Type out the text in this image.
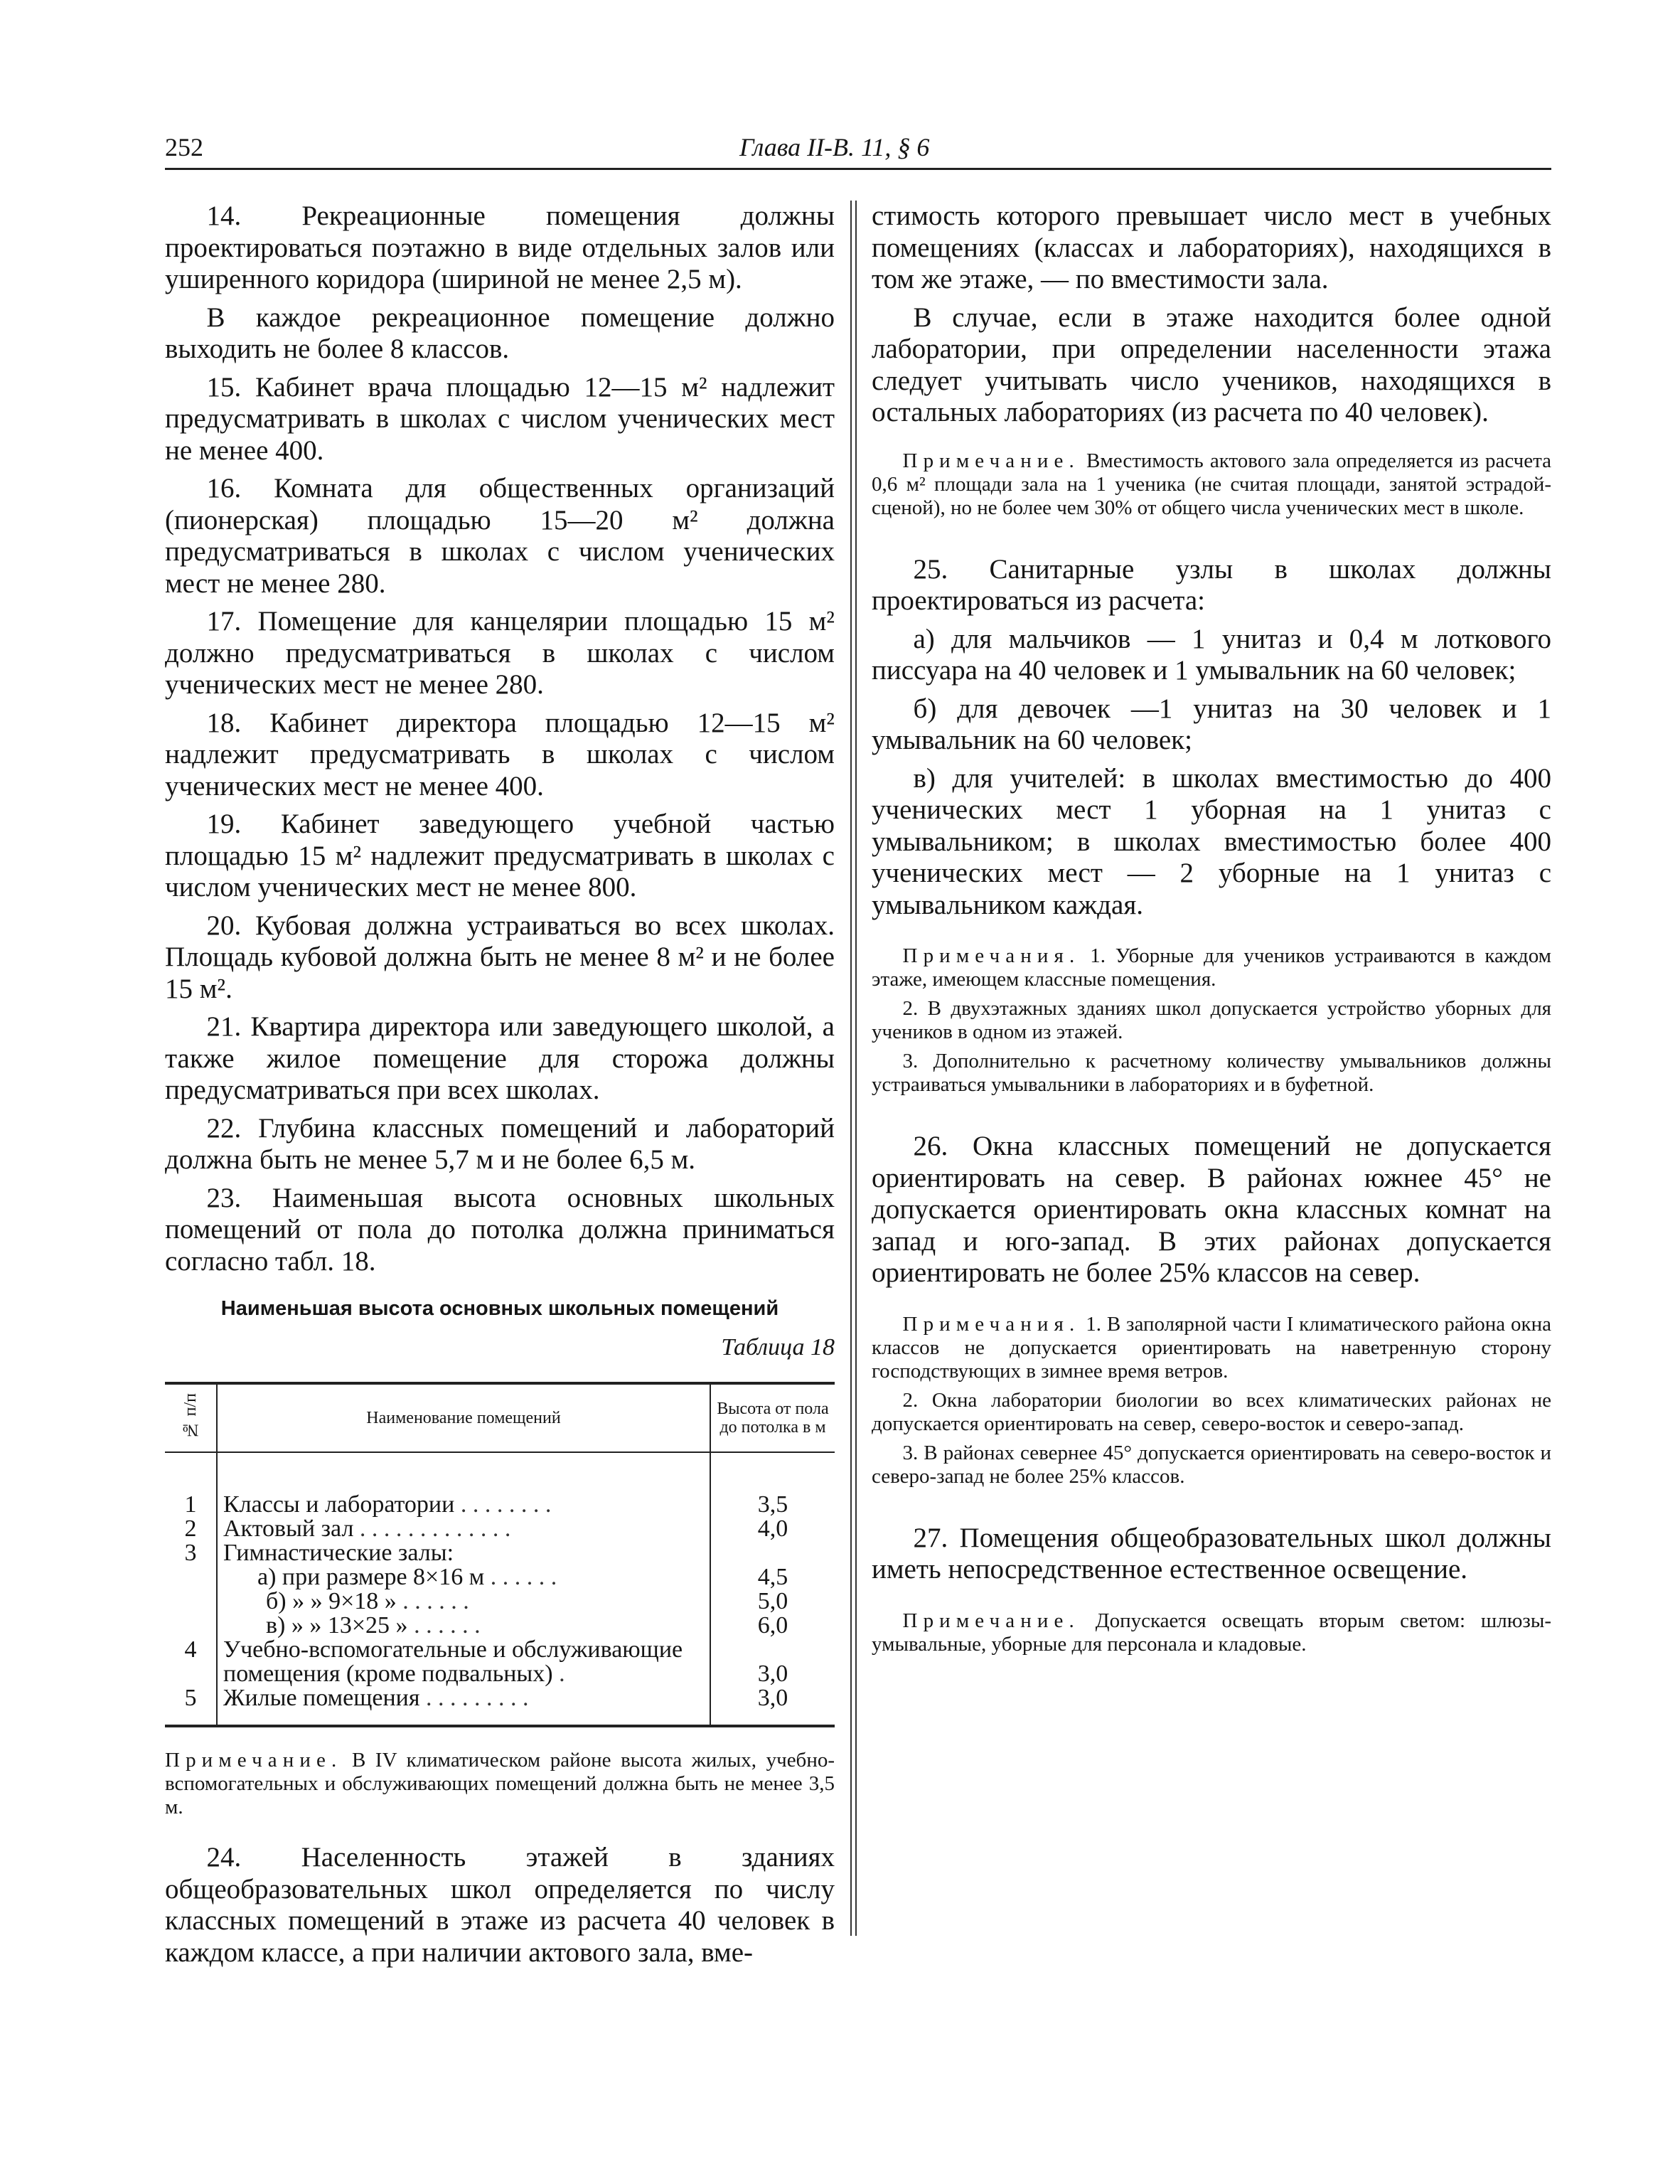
252	Глава II-В. 11, § 6

14. Рекреационные помещения должны проектироваться поэтажно в виде отдельных залов или уширенного коридора (шириной не менее 2,5 м).

В каждое рекреационное помещение должно выходить не более 8 классов.

15. Кабинет врача площадью 12—15 м² надлежит предусматривать в школах с числом ученических мест не менее 400.

16. Комната для общественных организаций (пионерская) площадью 15—20 м² должна предусматриваться в школах с числом ученических мест не менее 280.

17. Помещение для канцелярии площадью 15 м² должно предусматриваться в школах с числом ученических мест не менее 280.

18. Кабинет директора площадью 12—15 м² надлежит предусматривать в школах с числом ученических мест не менее 400.

19. Кабинет заведующего учебной частью площадью 15 м² надлежит предусматривать в школах с числом ученических мест не менее 800.

20. Кубовая должна устраиваться во всех школах. Площадь кубовой должна быть не менее 8 м² и не более 15 м².

21. Квартира директора или заведующего школой, а также жилое помещение для сторожа должны предусматриваться при всех школах.

22. Глубина классных помещений и лабораторий должна быть не менее 5,7 м и не более 6,5 м.

23. Наименьшая высота основных школьных помещений от пола до потолка должна приниматься согласно табл. 18.

Наименьшая высота основных школьных помещений
Таблица 18
№ п/п	Наименование помещений	Высота от пола до потолка в м
1	Классы и лаборатории . . . . . . . .	3,5
2	Актовый зал . . . . . . . . . . . . .	4,0
3	Гимнастические залы:	
	а) при размере 8×16 м . . . . . .	4,5
	б) » » 9×18 » . . . . . .	5,0
	в) » » 13×25 » . . . . . .	6,0
4	Учебно-вспомогательные и обслуживающие помещения (кроме подвальных) .	3,0
5	Жилые помещения . . . . . . . . .	3,0

Примечание. В IV климатическом районе высота жилых, учебно-вспомогательных и обслуживающих помещений должна быть не менее 3,5 м.

24. Населенность этажей в зданиях общеобразовательных школ определяется по числу классных помещений в этаже из расчета 40 человек в каждом классе, а при наличии актового зала, вме-

стимость которого превышает число мест в учебных помещениях (классах и лабораториях), находящихся в том же этаже, — по вместимости зала.

В случае, если в этаже находится более одной лаборатории, при определении населенности этажа следует учитывать число учеников, находящихся в остальных лабораториях (из расчета по 40 человек).

Примечание. Вместимость актового зала определяется из расчета 0,6 м² площади зала на 1 ученика (не считая площади, занятой эстрадой-сценой), но не более чем 30% от общего числа ученических мест в школе.

25. Санитарные узлы в школах должны проектироваться из расчета:

а) для мальчиков — 1 унитаз и 0,4 м лоткового писсуара на 40 человек и 1 умывальник на 60 человек;

б) для девочек —1 унитаз на 30 человек и 1 умывальник на 60 человек;

в) для учителей: в школах вместимостью до 400 ученических мест 1 уборная на 1 унитаз с умывальником; в школах вместимостью более 400 ученических мест — 2 уборные на 1 унитаз с умывальником каждая.

Примечания. 1. Уборные для учеников устраиваются в каждом этаже, имеющем классные помещения.

2. В двухэтажных зданиях школ допускается устройство уборных для учеников в одном из этажей.

3. Дополнительно к расчетному количеству умывальников должны устраиваться умывальники в лабораториях и в буфетной.

26. Окна классных помещений не допускается ориентировать на север. В районах южнее 45° не допускается ориентировать окна классных комнат на запад и юго-запад. В этих районах допускается ориентировать не более 25% классов на север.

Примечания. 1. В заполярной части I климатического района окна классов не допускается ориентировать на наветренную сторону господствующих в зимнее время ветров.

2. Окна лаборатории биологии во всех климатических районах не допускается ориентировать на север, северо-восток и северо-запад.

3. В районах севернее 45° допускается ориентировать на северо-восток и северо-запад не более 25% классов.

27. Помещения общеобразовательных школ должны иметь непосредственное естественное освещение.

Примечание. Допускается освещать вторым светом: шлюзы-умывальные, уборные для персонала и кладовые.
